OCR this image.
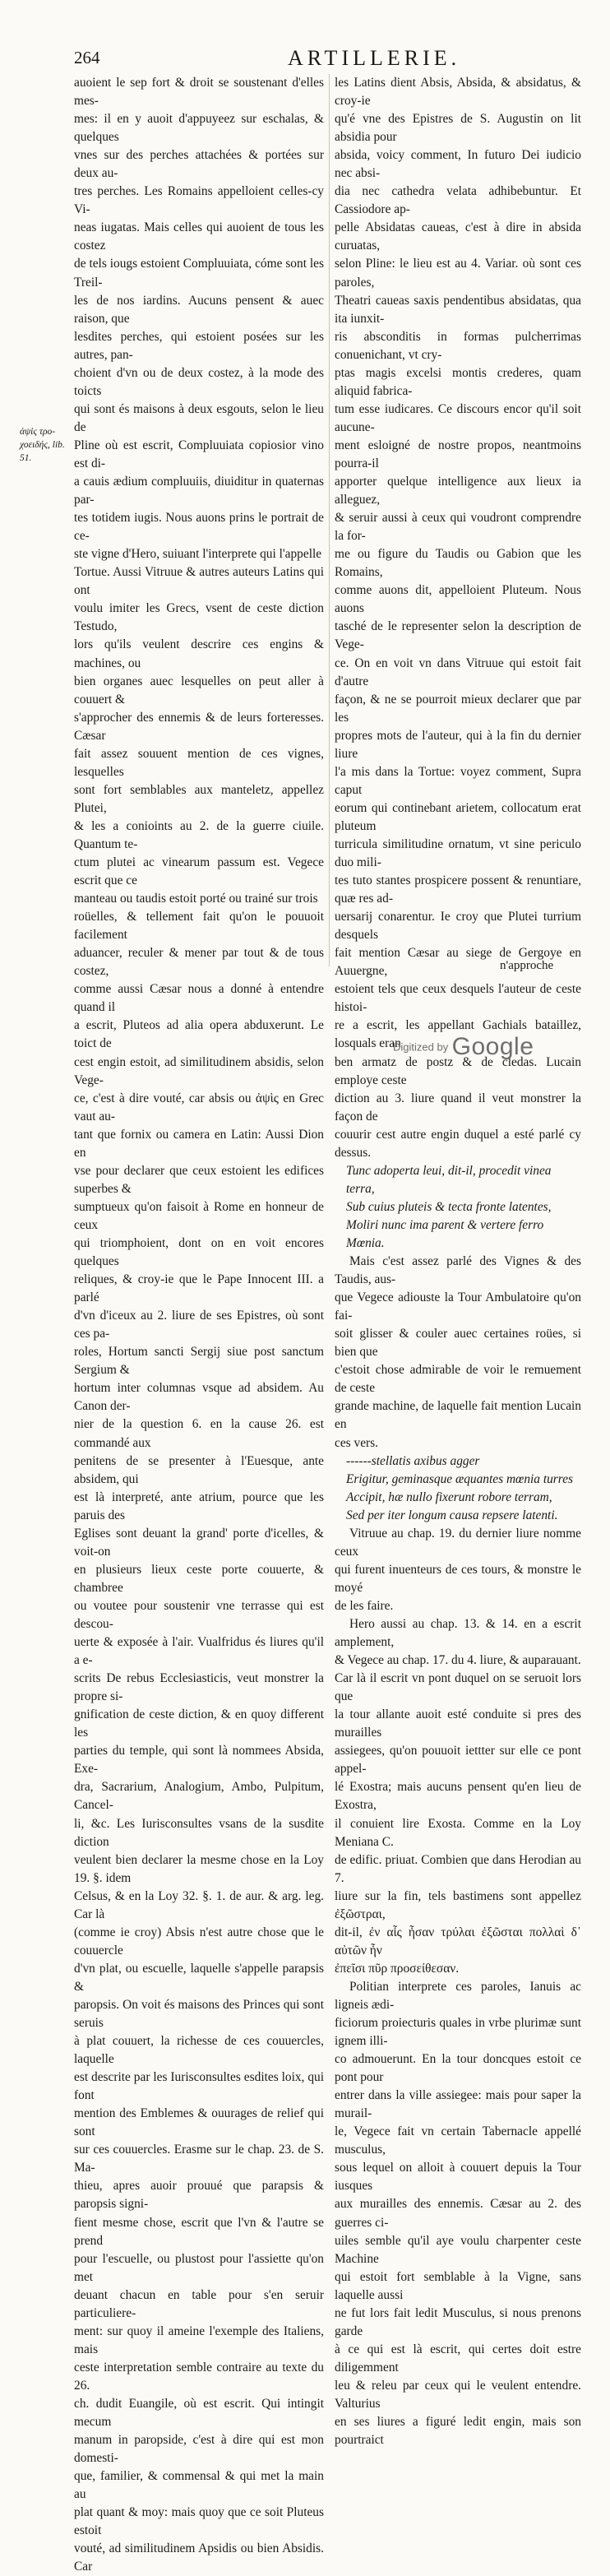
264	ARTILLERIE.
ἀψὶς τρο-χοειδής, lib. 51.

auoient le sep fort & droit se soustenant d'elles mes-

mes: il en y auoit d'appuyeez sur eschalas, & quelques

vnes sur des perches attachées & portées sur deux au-

tres perches. Les Romains appelloient celles-cy Vi-

neas iugatas. Mais celles qui auoient de tous les costez

de tels iougs estoient Compluuiata, cóme sont les Treil-

les de nos iardins. Aucuns pensent & auec raison, que

lesdites perches, qui estoient posées sur les autres, pan-

choient d'vn ou de deux costez, à la mode des toicts

qui sont és maisons à deux esgouts, selon le lieu de

Pline où est escrit, Compluuiata copiosior vino est di-

a cauis ædium compluuiis, diuiditur in quaternas par-

tes totidem iugis. Nous auons prins le portrait de ce-

ste vigne d'Hero, suiuant l'interprete qui l'appelle

Tortue. Aussi Vitruue & autres auteurs Latins qui ont

voulu imiter les Grecs, vsent de ceste diction Testudo,

lors qu'ils veulent descrire ces engins & machines, ou

bien organes auec lesquelles on peut aller à couuert &

s'approcher des ennemis & de leurs forteresses. Cæsar

fait assez souuent mention de ces vignes, lesquelles

sont fort semblables aux manteletz, appellez Plutei,

& les a conioints au 2. de la guerre ciuile. Quantum te-

ctum plutei ac vinearum passum est. Vegece escrit que ce

manteau ou taudis estoit porté ou trainé sur trois

roüelles, & tellement fait qu'on le pouuoit facilement

aduancer, reculer & mener par tout & de tous costez,

comme aussi Cæsar nous a donné à entendre quand il

a escrit, Pluteos ad alia opera abduxerunt. Le toict de

cest engin estoit, ad similitudinem absidis, selon Vege-

ce, c'est à dire vouté, car absis ou ἀψὶς en Grec vaut au-

tant que fornix ou camera en Latin: Aussi Dion en

vse pour declarer que ceux estoient les edifices superbes &

sumptueux qu'on faisoit à Rome en honneur de ceux

qui triomphoient, dont on en voit encores quelques

reliques, & croy-ie que le Pape Innocent III. a parlé

d'vn d'iceux au 2. liure de ses Epistres, où sont ces pa-

roles, Hortum sancti Sergij siue post sanctum Sergium &

hortum inter columnas vsque ad absidem. Au Canon der-

nier de la question 6. en la cause 26. est commandé aux

penitens de se presenter à l'Euesque, ante absidem, qui

est là interpreté, ante atrium, pource que les paruis des

Eglises sont deuant la grand' porte d'icelles, & voit-on

en plusieurs lieux ceste porte couuerte, & chambree

ou voutee pour soustenir vne terrasse qui est descou-

uerte & exposée à l'air. Vualfridus és liures qu'il a e-

scrits De rebus Ecclesiasticis, veut monstrer la propre si-

gnification de ceste diction, & en quoy different les

parties du temple, qui sont là nommees Absida, Exe-

dra, Sacrarium, Analogium, Ambo, Pulpitum, Cancel-

li, &c. Les Iurisconsultes vsans de la susdite diction

veulent bien declarer la mesme chose en la Loy 19. §. idem

Celsus, & en la Loy 32. §. 1. de aur. & arg. leg. Car là

(comme ie croy) Absis n'est autre chose que le couuercle

d'vn plat, ou escuelle, laquelle s'appelle parapsis &

paropsis. On voit és maisons des Princes qui sont seruis

à plat couuert, la richesse de ces couuercles, laquelle

est descrite par les Iurisconsultes esdites loix, qui font

mention des Emblemes & ouurages de relief qui sont

sur ces couuercles. Erasme sur le chap. 23. de S. Ma-

thieu, apres auoir prouué que parapsis & paropsis signi-

fient mesme chose, escrit que l'vn & l'autre se prend

pour l'escuelle, ou plustost pour l'assiette qu'on met

deuant chacun en table pour s'en seruir particuliere-

ment: sur quoy il ameine l'exemple des Italiens, mais

ceste interpretation semble contraire au texte du 26.

ch. dudit Euangile, où est escrit. Qui intingit mecum

manum in paropside, c'est à dire qui est mon domesti-

que, familier, & commensal & qui met la main au

plat quant & moy: mais quoy que ce soit Pluteus estoit

vouté, ad similitudinem Apsidis ou bien Absidis. Car

les Latins dient Absis, Absida, & absidatus, & croy-ie

qu'é vne des Epistres de S. Augustin on lit absidia pour

absida, voicy comment, In futuro Dei iudicio nec absi-

dia nec cathedra velata adhibebuntur. Et Cassiodore ap-

pelle Absidatas caueas, c'est à dire in absida curuatas,

selon Pline: le lieu est au 4. Variar. où sont ces paroles,

Theatri caueas saxis pendentibus absidatas, qua ita iunxit-

ris absconditis in formas pulcherrimas conuenichant, vt cry-

ptas magis excelsi montis crederes, quam aliquid fabrica-

tum esse iudicares. Ce discours encor qu'il soit aucune-

ment esloigné de nostre propos, neantmoins pourra-il

apporter quelque intelligence aux lieux ia alleguez,

& seruir aussi à ceux qui voudront comprendre la for-

me ou figure du Taudis ou Gabion que les Romains,

comme auons dit, appelloient Pluteum. Nous auons

tasché de le representer selon la description de Vege-

ce. On en voit vn dans Vitruue qui estoit fait d'autre

façon, & ne se pourroit mieux declarer que par les

propres mots de l'auteur, qui à la fin du dernier liure

l'a mis dans la Tortue: voyez comment, Supra caput

eorum qui continebant arietem, collocatum erat pluteum

turricula similitudine ornatum, vt sine periculo duo mili-

tes tuto stantes prospicere possent & renuntiare, quæ res ad-

uersarij conarentur. Ie croy que Plutei turrium desquels

fait mention Cæsar au siege de Gergoye en Auuergne,

estoient tels que ceux desquels l'auteur de ceste histoi-

re a escrit, les appellant Gachials bataillez, losquals eran

ben armatz de postz & de cledas. Lucain employe ceste

diction au 3. liure quand il veut monstrer la façon de

couurir cest autre engin duquel a esté parlé cy dessus.

Tunc adoperta leui, dit-il, procedit vinea terra,

Sub cuius pluteis & tecta fronte latentes,

Moliri nunc ima parent & vertere ferro Mœnia.

Mais c'est assez parlé des Vignes & des Taudis, aus-

que Vegece adiouste la Tour Ambulatoire qu'on fai-

soit glisser & couler auec certaines roües, si bien que

c'estoit chose admirable de voir le remuement de ceste

grande machine, de laquelle fait mention Lucain en

ces vers.

------stellatis axibus agger

Erigitur, geminasque æquantes mœnia turres

Accipit, hæ nullo fixerunt robore terram,

Sed per iter longum causa repsere latenti.

Vitruue au chap. 19. du dernier liure nomme ceux

qui furent inuenteurs de ces tours, & monstre le moyé

de les faire.

Hero aussi au chap. 13. & 14. en a escrit amplement,

& Vegece au chap. 17. du 4. liure, & auparauant.

Car là il escrit vn pont duquel on se seruoit lors que

la tour allante auoit esté conduite si pres des murailles

assiegees, qu'on pouuoit iettter sur elle ce pont appel-

lé Exostra; mais aucuns pensent qu'en lieu de Exostra,

il conuient lire Exosta. Comme en la Loy Meniana C.

de edific. priuat. Combien que dans Herodian au 7.

liure sur la fin, tels bastimens sont appellez ἐξῶστραι,

dit-il, ἐν αἷς ἦσαν τρύλαι ἐξῶσται πολλαὶ δ᾽ αὐτῶν ἦν

ἐπεῖσι πῦρ προσείθεσαν.

Politian interprete ces paroles, Ianuis ac ligneis ædi-

ficiorum proiecturis quales in vrbe plurimæ sunt ignem illi-

co admouerunt. En la tour doncques estoit ce pont pour

entrer dans la ville assiegee: mais pour saper la murail-

le, Vegece fait vn certain Tabernacle appellé musculus,

sous lequel on alloit à couuert depuis la Tour iusques

aux murailles des ennemis. Cæsar au 2. des guerres ci-

uiles semble qu'il aye voulu charpenter ceste Machine

qui estoit fort semblable à la Vigne, sans laquelle aussi

ne fut lors fait ledit Musculus, si nous prenons garde

à ce qui est là escrit, qui certes doit estre diligemment

leu & releu par ceux qui le veulent entendre. Valturius

en ses liures a figuré ledit engin, mais son pourtraict

n'approche
Digitized by Google
